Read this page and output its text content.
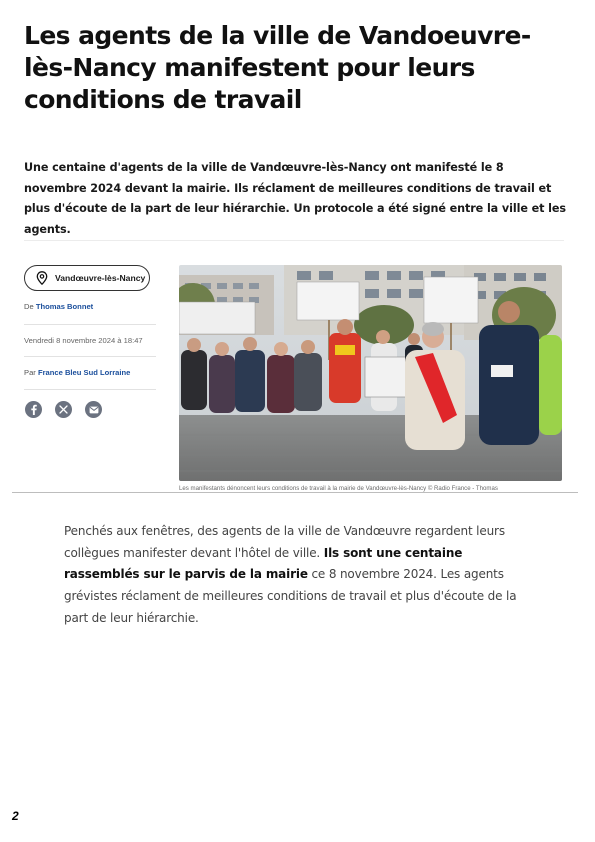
Les agents de la ville de Vandoeuvre-lès-Nancy manifestent pour leurs conditions de travail

Une centaine d'agents de la ville de Vandœuvre-lès-Nancy ont manifesté le 8 novembre 2024 devant la mairie. Ils réclament de meilleures conditions de travail et plus d'écoute de la part de leur hiérarchie. Un protocole a été signé entre la ville et les agents.

Vandœuvre-lès-Nancy
De Thomas Bonnet
Vendredi 8 novembre 2024 à 18:47
Par France Bleu Sud Lorraine
Les manifestants dénoncent leurs conditions de travail à la mairie de Vandœuvre-lès-Nancy © Radio France - Thomas

Penchés aux fenêtres, des agents de la ville de Vandœuvre regardent leurs collègues manifester devant l'hôtel de ville. Ils sont une centaine rassemblés sur le parvis de la mairie ce 8 novembre 2024. Les agents grévistes réclament de meilleures conditions de travail et plus d'écoute de la part de leur hiérarchie.

2
